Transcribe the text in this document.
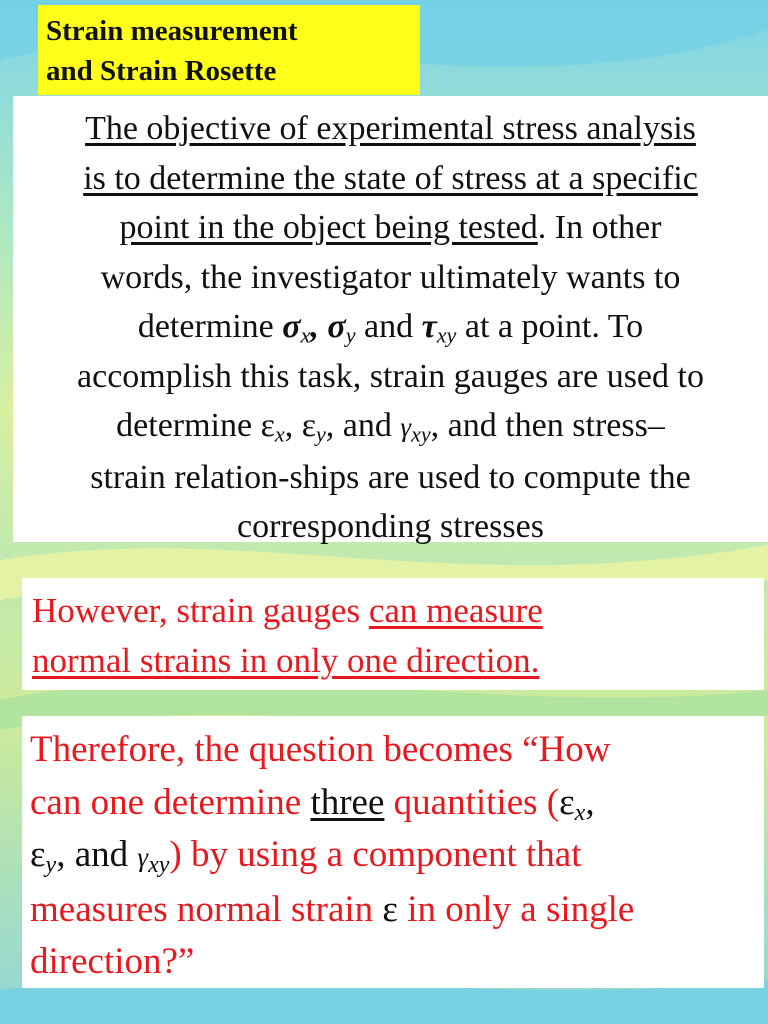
Strain measurement
and Strain Rosette
The objective of experimental stress analysis
is to determine the state of stress at a specific
point in the object being tested. In other
words, the investigator ultimately wants to
determine $\sigma_x$, $\sigma_y$ and $\tau_{xy}$ at a point. To
accomplish this task, strain gauges are used to
determine $\varepsilon_x$, $\varepsilon_y$, and $\gamma_{xy}$, and then stress–
strain relation-ships are used to compute the
corresponding stresses
However, strain gauges can measure
normal strains in only one direction.
Therefore, the question becomes “How
can one determine three quantities ($\varepsilon_x$,
$\varepsilon_y$, and $\gamma_{xy}$) by using a component that
measures normal strain ε in only a single
direction?”
